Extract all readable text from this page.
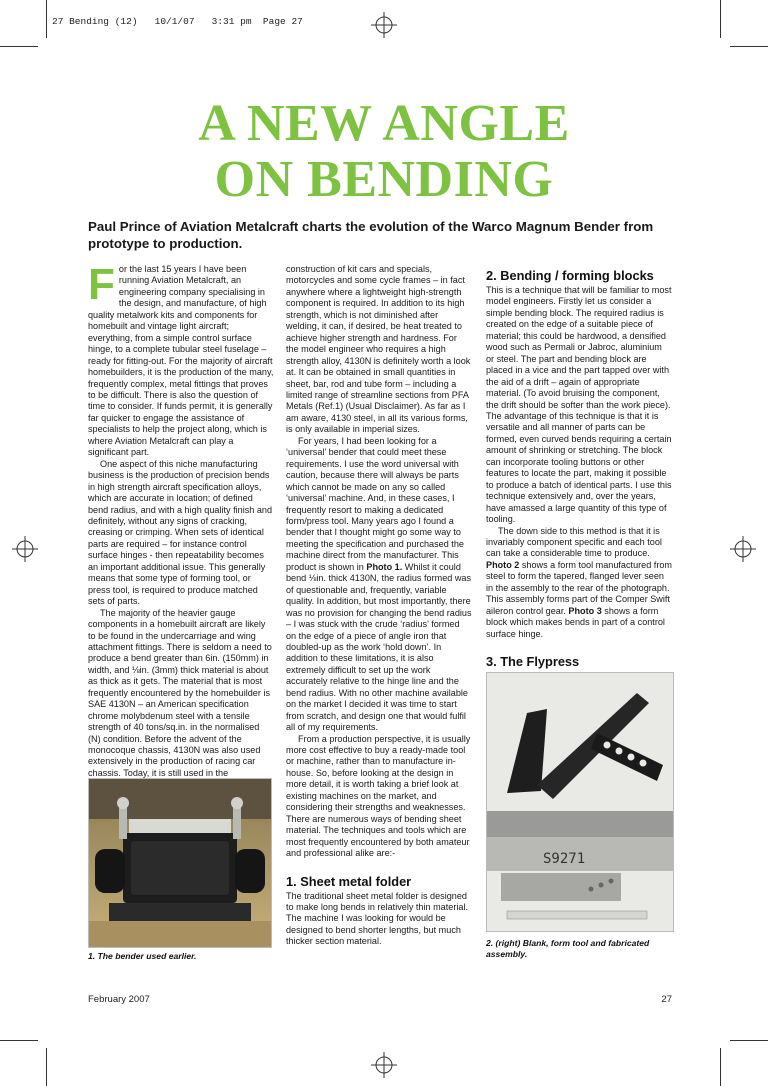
27 Bending (12)   10/1/07   3:31 pm  Page 27
A NEW ANGLE
ON BENDING
Paul Prince of Aviation Metalcraft charts the evolution of the Warco Magnum Bender from prototype to production.

For the last 15 years I have been running Aviation Metalcraft, an engineering company specialising in the design, and manufacture, of high quality metalwork kits and components for homebuilt and vintage light aircraft; everything, from a simple control surface hinge, to a complete tubular steel fuselage – ready for fitting-out. For the majority of aircraft homebuilders, it is the production of the many, frequently complex, metal fittings that proves to be difficult. There is also the question of time to consider. If funds permit, it is generally far quicker to engage the assistance of specialists to help the project along, which is where Aviation Metalcraft can play a significant part.

One aspect of this niche manufacturing business is the production of precision bends in high strength aircraft specification alloys, which are accurate in location; of defined bend radius, and with a high quality finish and definitely, without any signs of cracking, creasing or crimping. When sets of identical parts are required – for instance control surface hinges - then repeatability becomes an important additional issue. This generally means that some type of forming tool, or press tool, is required to produce matched sets of parts.

The majority of the heavier gauge components in a homebuilt aircraft are likely to be found in the undercarriage and wing attachment fittings. There is seldom a need to produce a bend greater than 6in. (150mm) in width, and ⅛in. (3mm) thick material is about as thick as it gets. The material that is most frequently encountered by the homebuilder is SAE 4130N – an American specification chrome molybdenum steel with a tensile strength of 40 tons/sq.in. in the normalised (N) condition. Before the advent of the monocoque chassis, 4130N was also used extensively in the production of racing car chassis. Today, it is still used in the

construction of kit cars and specials, motorcycles and some cycle frames – in fact anywhere where a lightweight high-strength component is required. In addition to its high strength, which is not diminished after welding, it can, if desired, be heat treated to achieve higher strength and hardness. For the model engineer who requires a high strength alloy, 4130N is definitely worth a look at. It can be obtained in small quantities in sheet, bar, rod and tube form – including a limited range of streamline sections from PFA Metals (Ref.1) (Usual Disclaimer). As far as I am aware, 4130 steel, in all its various forms, is only available in imperial sizes.

For years, I had been looking for a ‘universal’ bender that could meet these requirements. I use the word universal with caution, because there will always be parts which cannot be made on any so called ‘universal’ machine. And, in these cases, I frequently resort to making a dedicated form/press tool. Many years ago I found a bender that I thought might go some way to meeting the specification and purchased the machine direct from the manufacturer. This product is shown in Photo 1. Whilst it could bend ⅛in. thick 4130N, the radius formed was of questionable and, frequently, variable quality. In addition, but most importantly, there was no provision for changing the bend radius – I was stuck with the crude ‘radius’ formed on the edge of a piece of angle iron that doubled-up as the work ‘hold down’. In addition to these limitations, it is also extremely difficult to set up the work accurately relative to the hinge line and the bend radius. With no other machine available on the market I decided it was time to start from scratch, and design one that would fulfil all of my requirements.

From a production perspective, it is usually more cost effective to buy a ready-made tool or machine, rather than to manufacture in-house. So, before looking at the design in more detail, it is worth taking a brief look at existing machines on the market, and considering their strengths and weaknesses. There are numerous ways of bending sheet material. The techniques and tools which are most frequently encountered by both amateur and professional alike are:-

1. Sheet metal folder

The traditional sheet metal folder is designed to make long bends in relatively thin material. The machine I was looking for would be designed to bend shorter lengths, but much thicker section material.

2. Bending / forming blocks

This is a technique that will be familiar to most model engineers. Firstly let us consider a simple bending block. The required radius is created on the edge of a suitable piece of material; this could be hardwood, a densified wood such as Permali or Jabroc, aluminium or steel. The part and bending block are placed in a vice and the part tapped over with the aid of a drift – again of appropriate material. (To avoid bruising the component, the drift should be softer than the work piece). The advantage of this technique is that it is versatile and all manner of parts can be formed, even curved bends requiring a certain amount of shrinking or stretching. The block can incorporate tooling buttons or other features to locate the part, making it possible to produce a batch of identical parts. I use this technique extensively and, over the years, have amassed a large quantity of this type of tooling.

The down side to this method is that it is invariably component specific and each tool can take a considerable time to produce. Photo 2 shows a form tool manufactured from steel to form the tapered, flanged lever seen in the assembly to the rear of the photograph. This assembly forms part of the Comper Swift aileron control gear. Photo 3 shows a form block which makes bends in part of a control surface hinge.

3. The Flypress

1. The bender used earlier.
S9271
2. (right) Blank, form tool and fabricated assembly.
February 2007	27
